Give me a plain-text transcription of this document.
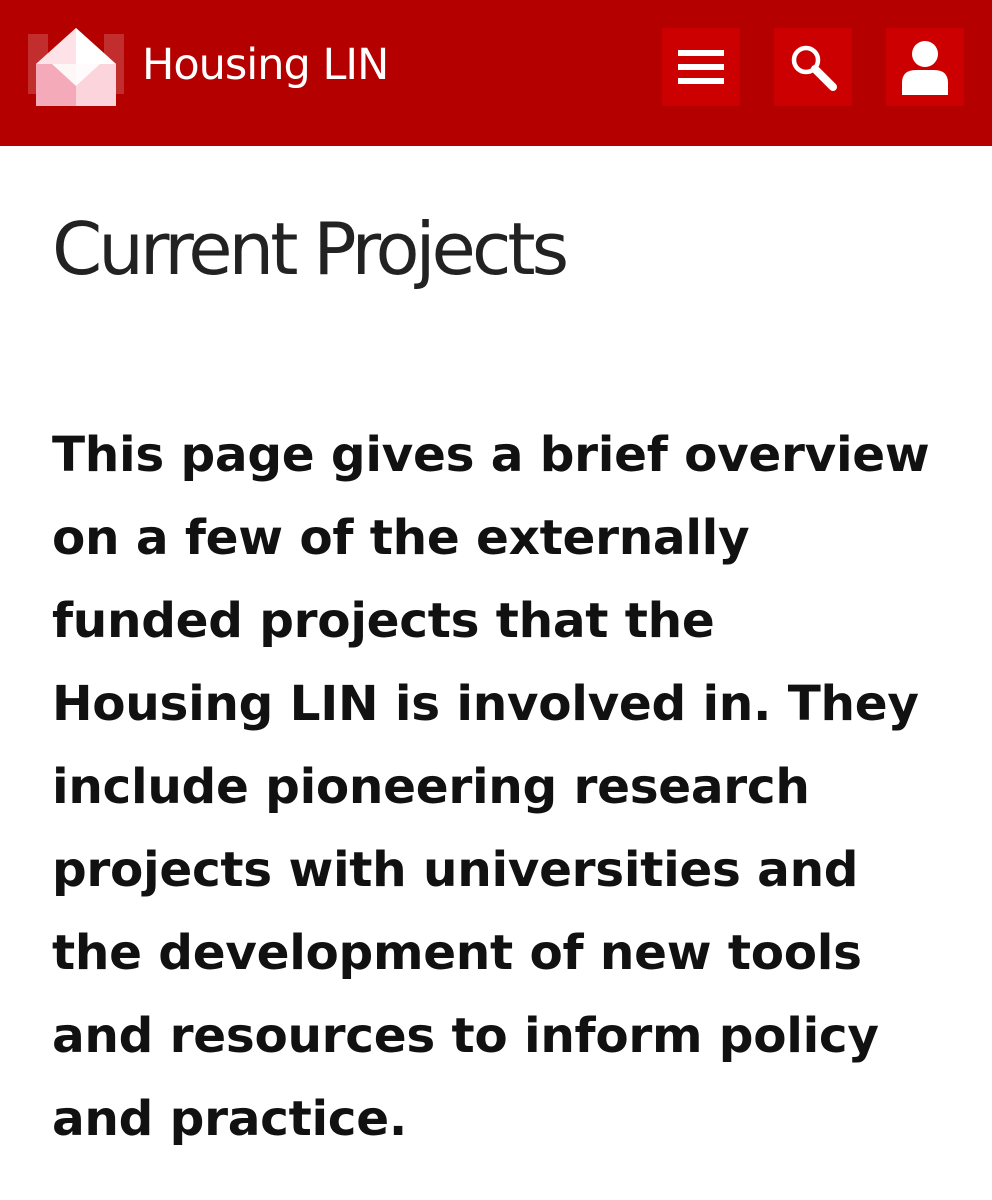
Housing LIN
Current Projects

This page gives a brief overview on a few of the externally funded projects that the Housing LIN is involved in. They include pioneering research projects with universities and the development of new tools and resources to inform policy and practice.
